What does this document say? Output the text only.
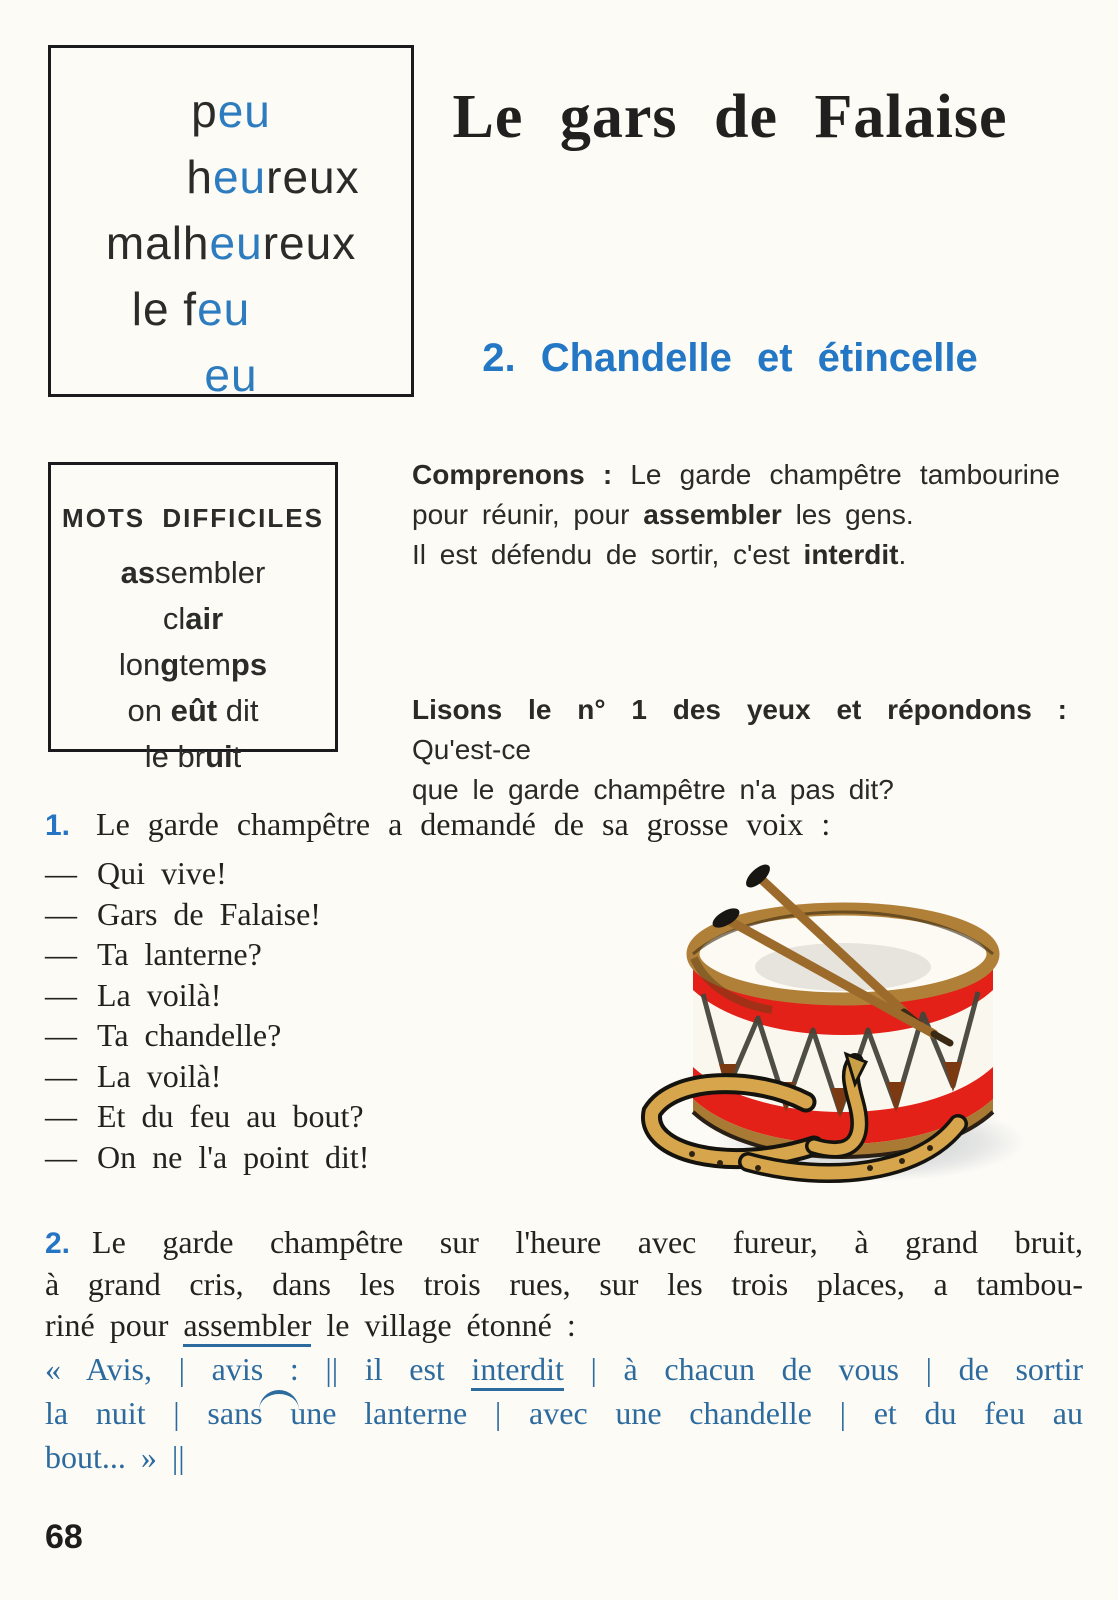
peu
heureux
malheureux
le feu
eu
Le gars de Falaise
2. Chandelle et étincelle
MOTS DIFFICILES
assembler
clair
longtemps
on eût dit
le bruit
Comprenons : Le garde champêtre tambourine
pour réunir, pour assembler les gens.
Il est défendu de sortir, c'est interdit.
Lisons le n° 1 des yeux et répondons : Qu'est-ce
que le garde champêtre n'a pas dit?
1. Le garde champêtre a demandé de sa grosse voix :
— Qui vive!
— Gars de Falaise!
— Ta lanterne?
— La voilà!
— Ta chandelle?
— La voilà!
— Et du feu au bout?
— On ne l'a point dit!
2. Le garde champêtre sur l'heure avec fureur, à grand bruit,
à grand cris, dans les trois rues, sur les trois places, a tambou-
riné pour assembler le village étonné :
« Avis, | avis : || il est interdit | à chacun de vous | de sortir
la nuit | sans une lanterne | avec une chandelle | et du feu au
bout... » ||
68
